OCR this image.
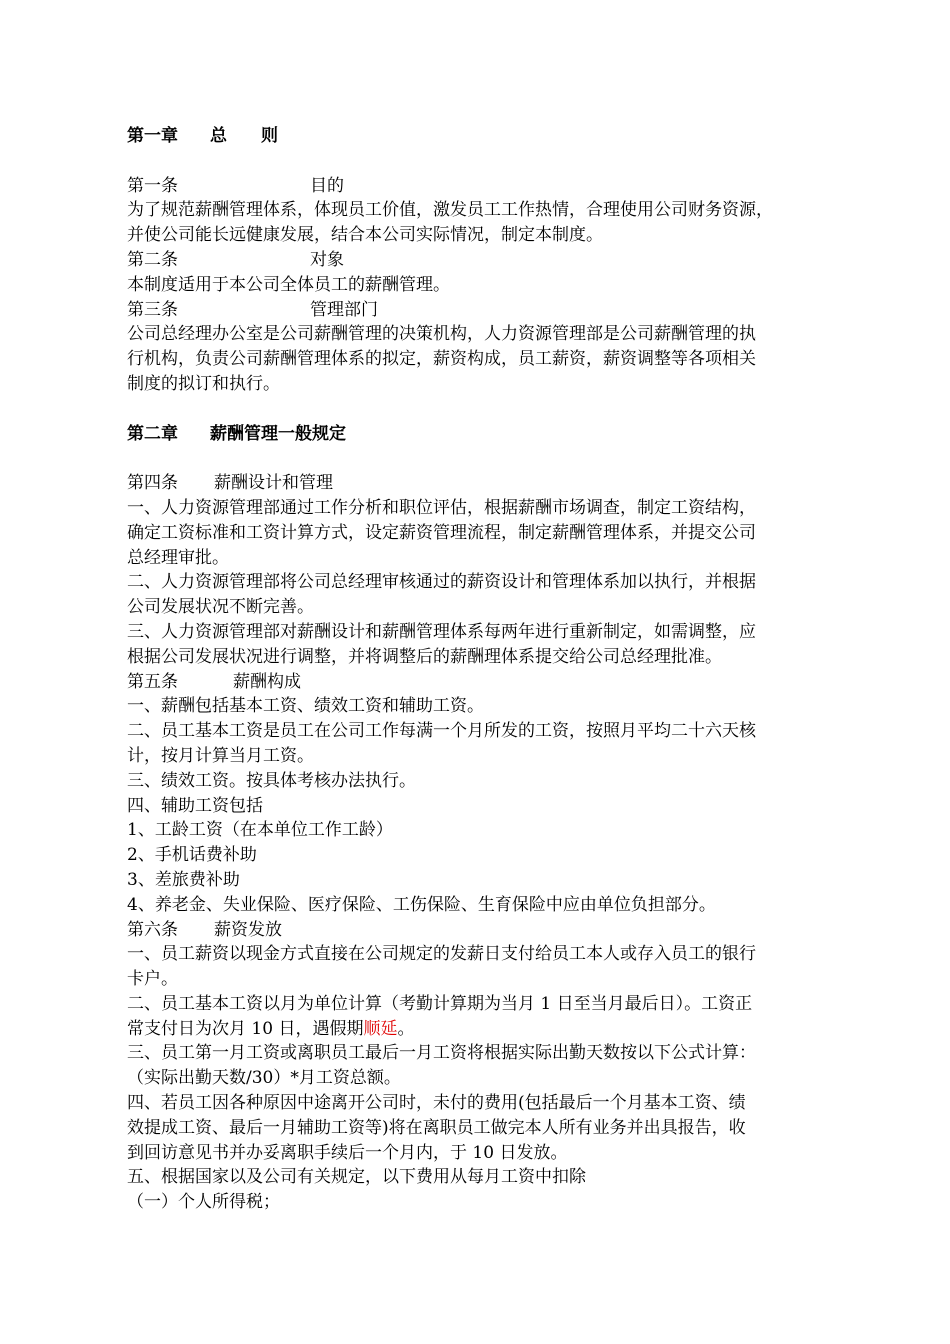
第一章 总　　则

第一条	目的

为了规范薪酬管理体系，体现员工价值，激发员工工作热情，合理使用公司财务资源，

并使公司能长远健康发展，结合本公司实际情况，制定本制度。

第二条	对象

本制度适用于本公司全体员工的薪酬管理。

第三条	管理部门

公司总经理办公室是公司薪酬管理的决策机构，人力资源管理部是公司薪酬管理的执

行机构，负责公司薪酬管理体系的拟定，薪资构成，员工薪资，薪资调整等各项相关

制度的拟订和执行。

第二章 薪酬管理一般规定

第四条 薪酬设计和管理

一、人力资源管理部通过工作分析和职位评估，根据薪酬市场调查，制定工资结构，

确定工资标准和工资计算方式，设定薪资管理流程，制定薪酬管理体系，并提交公司

总经理审批。

二、人力资源管理部将公司总经理审核通过的薪资设计和管理体系加以执行，并根据

公司发展状况不断完善。

三、人力资源管理部对薪酬设计和薪酬管理体系每两年进行重新制定，如需调整，应

根据公司发展状况进行调整，并将调整后的薪酬理体系提交给公司总经理批准。

第五条	薪酬构成

一、薪酬包括基本工资、绩效工资和辅助工资。

二、员工基本工资是员工在公司工作每满一个月所发的工资，按照月平均二十六天核

计，按月计算当月工资。

三、绩效工资。按具体考核办法执行。

四、辅助工资包括

1、工龄工资（在本单位工作工龄）

2、手机话费补助

3、差旅费补助

4、养老金、失业保险、医疗保险、工伤保险、生育保险中应由单位负担部分。

第六条 薪资发放

一、员工薪资以现金方式直接在公司规定的发薪日支付给员工本人或存入员工的银行

卡户。

二、员工基本工资以月为单位计算（考勤计算期为当月 1 日至当月最后日）。工资正

常支付日为次月 10 日，遇假期顺延。

三、员工第一月工资或离职员工最后一月工资将根据实际出勤天数按以下公式计算：

（实际出勤天数/30）*月工资总额。

四、若员工因各种原因中途离开公司时，未付的费用(包括最后一个月基本工资、绩

效提成工资、最后一月辅助工资等)将在离职员工做完本人所有业务并出具报告，收

到回访意见书并办妥离职手续后一个月内，于 10 日发放。

五、根据国家以及公司有关规定，以下费用从每月工资中扣除

（一）个人所得税；
